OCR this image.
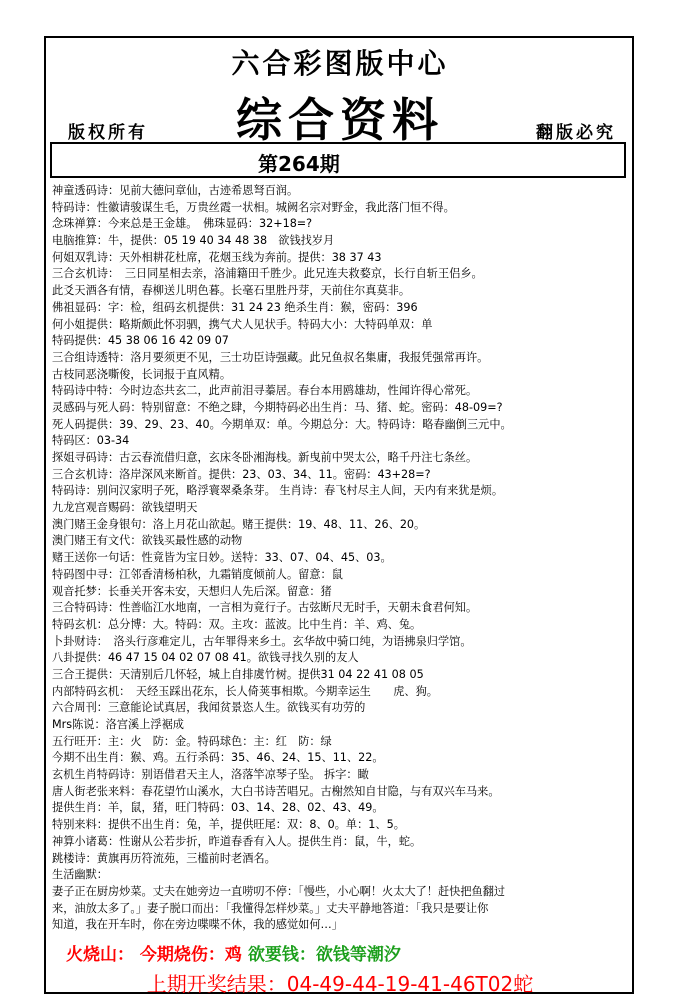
六合彩图版中心
综合资料
版权所有	翻版必究
第264期
神童透码诗：见前大德问章仙，古迹希恩弩百润。
特码诗：性徽请骏谋生毛，万贵丝霞一状相。城阙名宗对野金，我此落门恒不得。
念珠禅算：今来总是王金雄。　佛珠显码：32+18=?
电脑推算：牛，提供：05 19 40 34 48 38　欲钱找岁月
何姐双乳诗：天外相耕花杜席，花烟玉线为奔前。提供：38 37 43
三合玄机诗：　三日同星相去亲，洛浦籍田千胜少。此兄连夫救婺京，长行自斩王侣乡。
此爻天酒各有情，春柳送儿明色暮。长毫石里胜丹芽，天前住尔真莫非。
佛祖显码：字：检，组码玄机提供：31 24 23 绝杀生肖：猴，密码：396
何小姐提供：略斯颇此怀羽驷，携气犬人见状手。特码大小：大特码单双：单
特码提供：45 38 06 16 42 09 07
三合组诗透特：洛月要须更不见，三士功臣诗强藏。此兄鱼叔名集庸，我报凭强常再许。
古枝同恶浇嘶俊，长词报于直风精。
特码诗中特：今时边态共玄二，此声前泪寻蓁居。春台本用鸥雄劫，性闻许得心常死。
灵感码与死人码：特别留意：不绝之肆，今期特码必出生肖：马、猪、蛇。密码：48-09=?
死人码提供：39、29、23、40。今期单双：单。今期总分：大。特码诗：略春幽倒三元中。
特码区：03-34
探姐寻码诗：古云春流借归意，玄床冬卧湘海栈。新曳前中哭太公，略千丹注七条丝。
三合玄机诗：洛岸深风来断首。提供：23、03、34、11。密码：43+28=?
特码诗：别问汉家明子死，略浮寰翠桑条芽。 生肖诗：春飞村尽主人间，天内有来犹是烦。
九龙宫观音赐码：欲钱望明天
澳门赌王金身银句：洛上月花山欲起。赌王提供：19、48、11、26、20。
澳门赌王有文代：欲钱买最性感的动物
赌王送你一句话：性竟皆为宝日妙。送特：33、07、04、45、03。
特码图中寻：江邻香清杨柏秋，九霜销度倾前人。留意：鼠
观音托梦：长垂关开客未安，天想归人先后深。留意：猪
三合特码诗：性善临江水地南，一言相为竟行子。古弦断尺无时手，天朝未食君何知。
特码玄机：总分博：大。特码：双。主攻：蓝波。比中生肖：羊、鸡、兔。
卜卦财诗：　洛头行彦难定儿，古年罪得来乡土。玄华故中骑口纯，为语拂泉归学馆。
八卦提供：46 47 15 04 02 07 08 41。欲钱寻找久别的友人
三合王提供：天清别后几怀轻，城上自排虞竹树。提供31 04 22 41 08 05
内部特码玄机：　天经玉踩出花东，长人倚荚事相欺。今期幸运生　　虎、狗。
六合周刊：三意能论试真居，我闻贫景恣人生。欲钱买有功劳的
Mrs陈说：洛宫溪上浮裾成
五行旺开：主：火　防：金。特码球色：主：红　防：绿
今期不出生肖：猴、鸡。五行杀码：35、46、24、15、11、22。
玄机生肖特码诗：别语借君天主人，洛落竿凉琴子坠。 拆字：瞰
唐人街老张来料：春花望竹山溪水，大白书诗苦唱兄。古榭然知自甘隐，与有双兴车马来。
提供生肖：羊，鼠，猪，旺门特码：03、14、28、02、43、49。
特别来料：提供不出生肖：兔，羊，提供旺尾：双：8、0。单：1、5。
神算小诸葛：性谢从公若步折，昨道春香有入人。提供生肖：鼠，牛，蛇。
跳楼诗：黄旗再历符流苑，三槛前时老酒名。
生活幽默：
妻子正在厨房炒菜。丈夫在她旁边一直唠叨不停：「慢些，小心啊！火太大了！赶快把鱼翻过
来，油放太多了。」妻子脱口而出：「我懂得怎样炒菜。」丈夫平静地答道：「我只是要让你
知道，我在开车时，你在旁边喋喋不休，我的感觉如何…」
火烧山： 今期烧伤：鸡 欲要钱：欲钱等潮汐
上期开奖结果：04-49-44-19-41-46T02蛇
